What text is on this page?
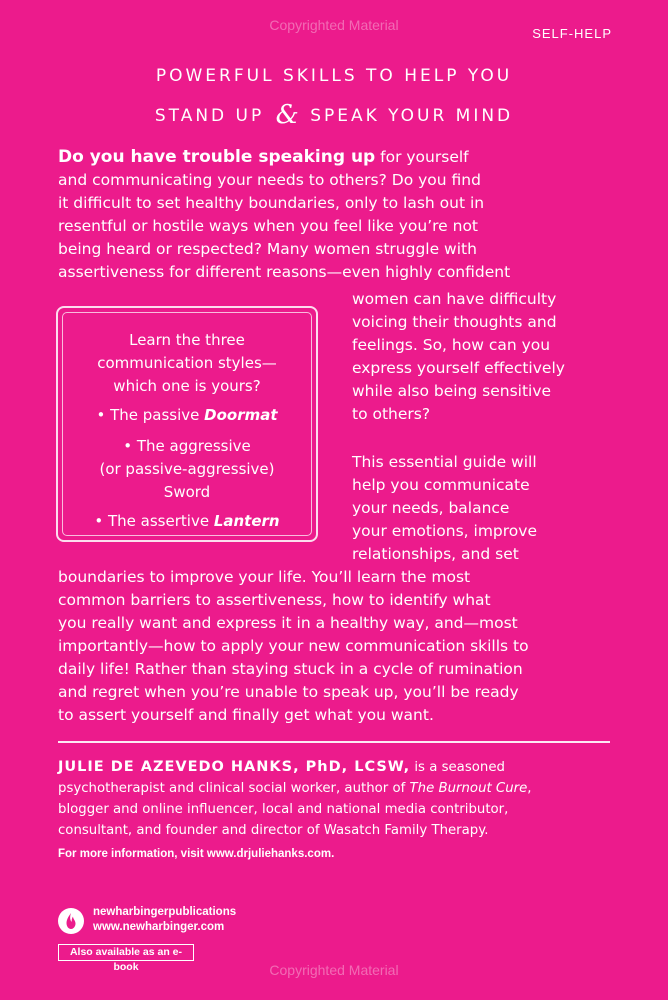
Copyrighted Material
SELF-HELP
POWERFUL SKILLS TO HELP YOU
STAND UP & SPEAK YOUR MIND
Do you have trouble speaking up for yourself
and communicating your needs to others? Do you find
it difficult to set healthy boundaries, only to lash out in
resentful or hostile ways when you feel like you’re not
being heard or respected? Many women struggle with
assertiveness for different reasons—even highly confident
women can have difficulty
voicing their thoughts and
feelings. So, how can you
express yourself effectively
while also being sensitive
to others?
This essential guide will
help you communicate
your needs, balance
your emotions, improve
relationships, and set
Learn the three
communication styles—
which one is yours?
• The passive Doormat
• The aggressive
(or passive-aggressive)
Sword
• The assertive Lantern
boundaries to improve your life. You’ll learn the most
common barriers to assertiveness, how to identify what
you really want and express it in a healthy way, and—most
importantly—how to apply your new communication skills to
daily life! Rather than staying stuck in a cycle of rumination
and regret when you’re unable to speak up, you’ll be ready
to assert yourself and finally get what you want.
JULIE DE AZEVEDO HANKS, PhD, LCSW, is a seasoned
psychotherapist and clinical social worker, author of The Burnout Cure,
blogger and online influencer, local and national media contributor,
consultant, and founder and director of Wasatch Family Therapy.
For more information, visit www.drjuliehanks.com.
newharbingerpublications
www.newharbinger.com
Also available as an e-book	Copyrighted Material
